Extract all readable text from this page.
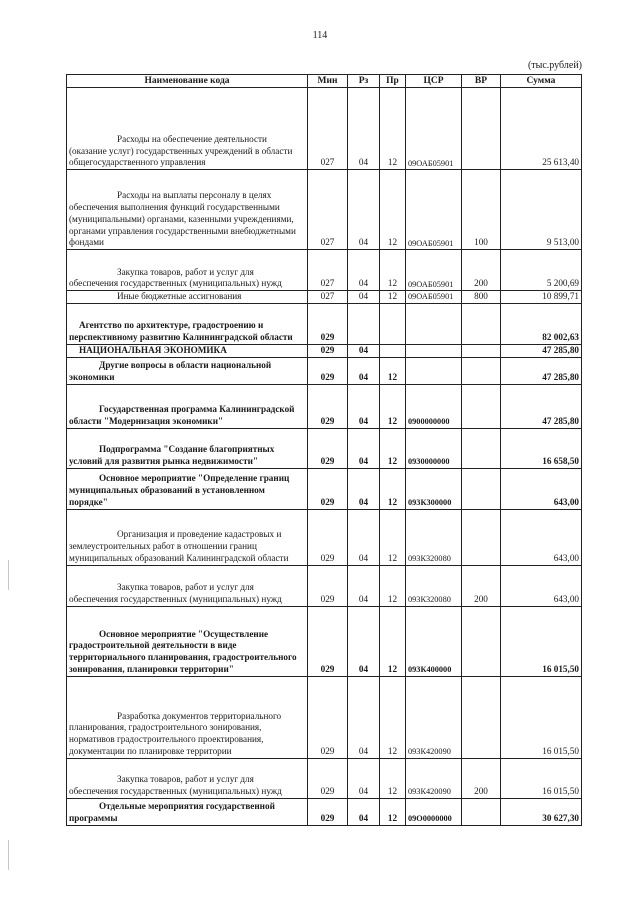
114
(тыс.рублей)
Наименование кода	Мин	Рз	Пр	ЦСР	ВР	Сумма
Расходы на обеспечение деятельности (оказание услуг) государственных учреждений в области общегосударственного управления	027	04	12	09ОАБ05901		25 613,40
Расходы на выплаты персоналу в целях обеспечения выполнения функций государственными (муниципальными) органами, казенными учреждениями, органами управления государственными внебюджетными фондами	027	04	12	09ОАБ05901	100	9 513,00
Закупка товаров, работ и услуг для обеспечения государственных (муниципальных) нужд	027	04	12	09ОАБ05901	200	5 200,69
Иные бюджетные ассигнования	027	04	12	09ОАБ05901	800	10 899,71
Агентство по архитектуре, градостроению и перспективному развитию Калининградской области	029					82 002,63
НАЦИОНАЛЬНАЯ ЭКОНОМИКА	029	04				47 285,80
Другие вопросы в области национальной экономики	029	04	12			47 285,80
Государственная программа Калининградской области "Модернизация экономики"	029	04	12	0900000000		47 285,80
Подпрограмма "Создание благоприятных условий для развития рынка недвижимости"	029	04	12	0930000000		16 658,50
Основное мероприятие "Определение границ муниципальных образований в установленном порядке"	029	04	12	093К300000		643,00
Организация и проведение кадастровых и землеустроительных работ в отношении границ муниципальных образований Калининградской области	029	04	12	093К320080		643,00
Закупка товаров, работ и услуг для обеспечения государственных (муниципальных) нужд	029	04	12	093К320080	200	643,00
Основное мероприятие "Осуществление градостроительной деятельности в виде территориального планирования, градостроительного зонирования, планировки территории"	029	04	12	093К400000		16 015,50
Разработка документов территориального планирования, градостроительного зонирования, нормативов градостроительного проектирования, документации по планировке территории	029	04	12	093К420090		16 015,50
Закупка товаров, работ и услуг для обеспечения государственных (муниципальных) нужд	029	04	12	093К420090	200	16 015,50
Отдельные мероприятия государственной программы	029	04	12	09О0000000		30 627,30
